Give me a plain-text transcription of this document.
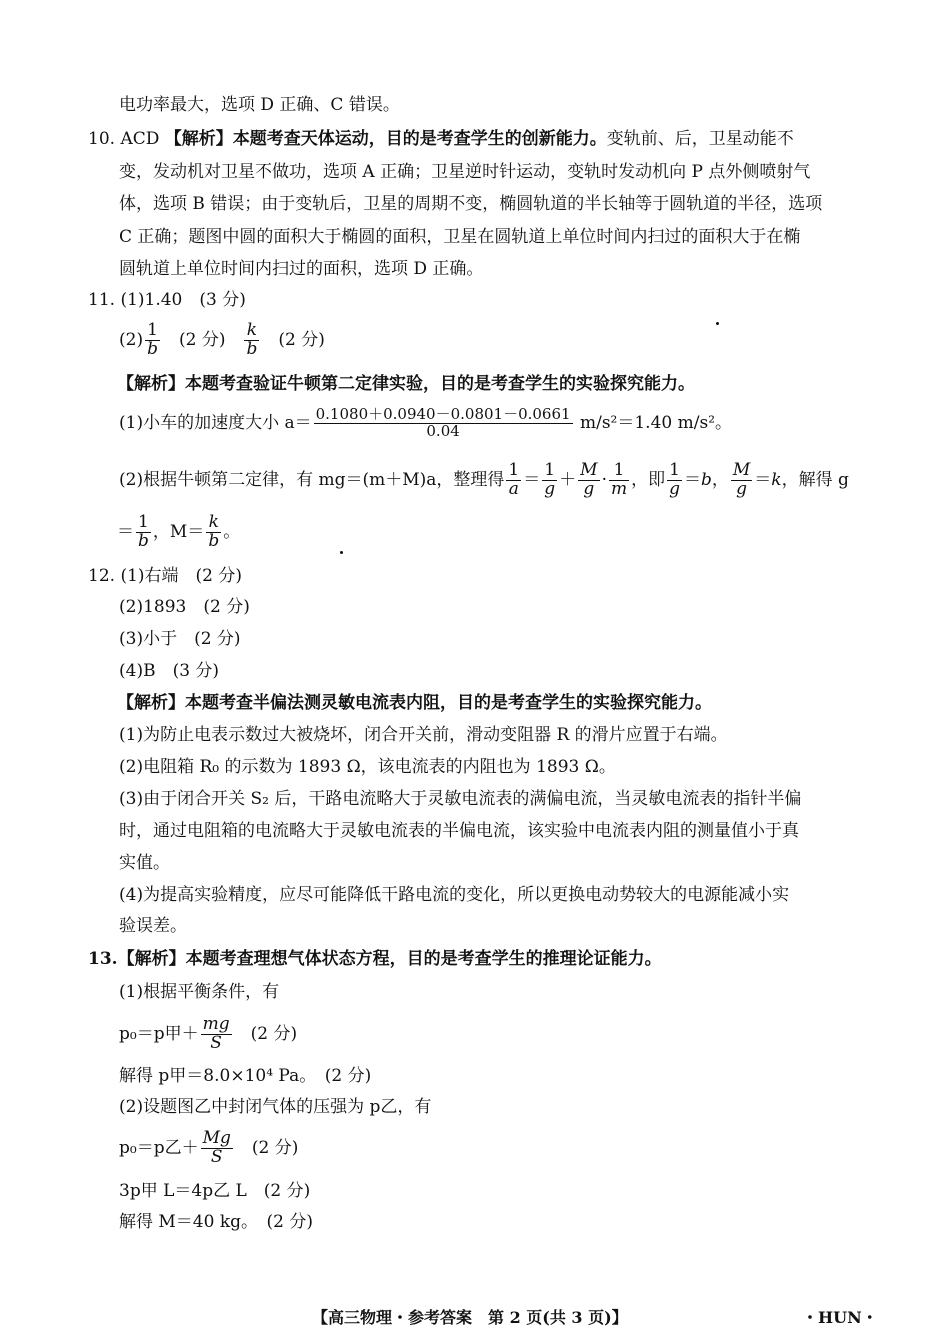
电功率最大，选项 D 正确、C 错误。
10. ACD 【解析】本题考查天体运动，目的是考查学生的创新能力。变轨前、后，卫星动能不
变，发动机对卫星不做功，选项 A 正确；卫星逆时针运动，变轨时发动机向 P 点外侧喷射气
体，选项 B 错误；由于变轨后，卫星的周期不变，椭圆轨道的半长轴等于圆轨道的半径，选项
C 正确；题图中圆的面积大于椭圆的面积，卫星在圆轨道上单位时间内扫过的面积大于在椭
圆轨道上单位时间内扫过的面积，选项 D 正确。
11. (1)1.40　(3 分)
$(2) \frac{1}{b}$ 　(2 分)　 $\frac{k}{b}$ 　(2 分)
【解析】本题考查验证牛顿第二定律实验，目的是考查学生的实验探究能力。
(1)小车的加速度大小 $a= \frac{0.1080+0.0940-0.0801-0.0661}{0.04} m/s^2=1.40$ m/s²。
(2)根据牛顿第二定律，有 mg＝(m＋M)a，整理得 $\frac{1}{a} = \frac{1}{g} + \frac{M}{g} \cdot \frac{1}{m}$ ，即 $\frac{1}{g} =b$， $\frac{M}{g} =k$，解得 g
＝ $\frac{1}{b}$ ，$M= \frac{k}{b}$ 。
12. (1)右端　(2 分)
(2)1893　(2 分)
(3)小于　(2 分)
(4)B　(3 分)
【解析】本题考查半偏法测灵敏电流表内阻，目的是考查学生的实验探究能力。
(1)为防止电表示数过大被烧坏，闭合开关前，滑动变阻器 R 的滑片应置于右端。
(2)电阻箱 R₀ 的示数为 1893 Ω，该电流表的内阻也为 1893 Ω。
(3)由于闭合开关 S₂ 后，干路电流略大于灵敏电流表的满偏电流，当灵敏电流表的指针半偏
时，通过电阻箱的电流略大于灵敏电流表的半偏电流，该实验中电流表内阻的测量值小于真
实值。
(4)为提高实验精度，应尽可能降低干路电流的变化，所以更换电动势较大的电源能减小实
验误差。
13.【解析】本题考查理想气体状态方程，目的是考查学生的推理论证能力。
(1)根据平衡条件，有
p₀＝p甲＋ $\frac{mg}{S}$ 　(2 分)
解得 p甲＝8.0×10⁴ Pa。　(2 分)
(2)设题图乙中封闭气体的压强为 p乙，有
p₀＝p乙＋ $\frac{Mg}{S}$ 　(2 分)
3p甲 L＝4p乙 L　(2 分)
解得 M＝40 kg。　(2 分)
【高三物理・参考答案　第 2 页(共 3 页)】	・HUN・
